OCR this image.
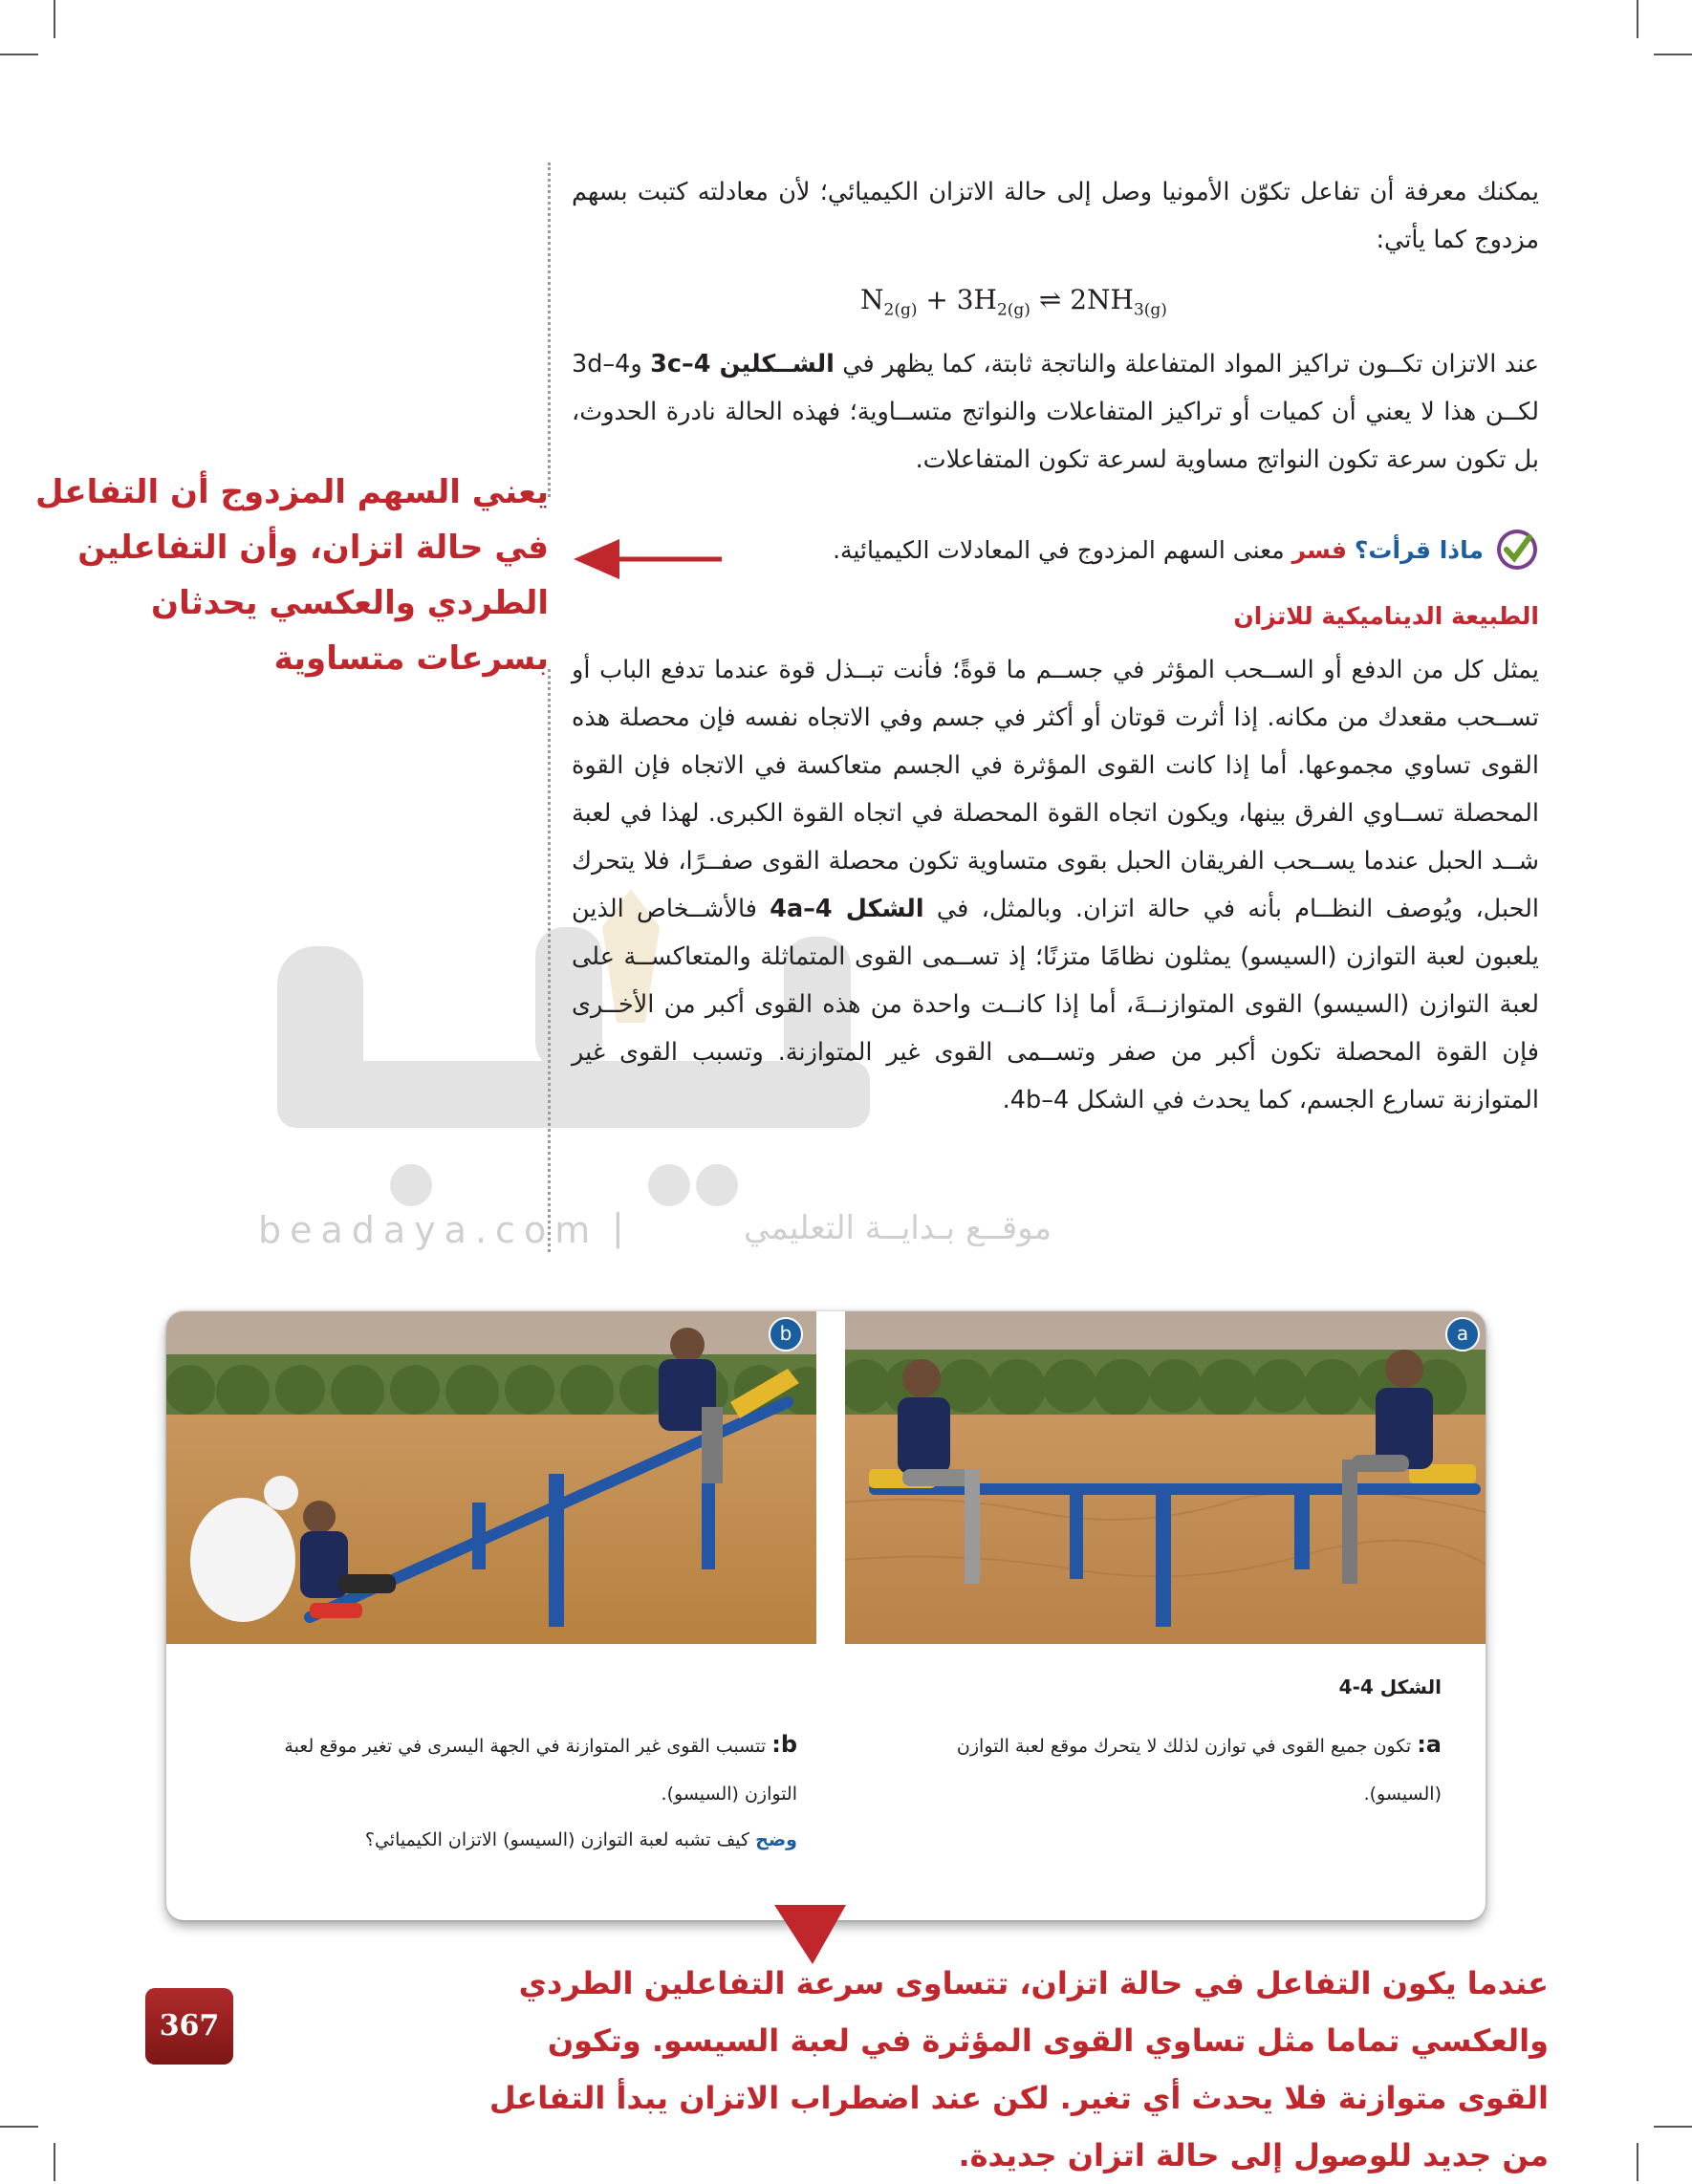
يمكنك معرفة أن تفاعل تكوّن الأمونيا وصل إلى حالة الاتزان الكيميائي؛ لأن معادلته كتبت بسهم مزدوج كما يأتي:

$N_{2(g)} + 3H_{2(g)}$ ⇌ $2NH_{3(g)}$

عند الاتزان تكــون تراكيز المواد المتفاعلة والناتجة ثابتة، كما يظهر في الشــكلين 3c–4 و3d–4 لكــن هذا لا يعني أن كميات أو تراكيز المتفاعلات والنواتج متســاوية؛ فهذه الحالة نادرة الحدوث، بل تكون سرعة تكون النواتج مساوية لسرعة تكون المتفاعلات.

ماذا قرأت؟ فسر معنى السهم المزدوج في المعادلات الكيميائية.
الطبيعة الديناميكية للاتزان

يمثل كل من الدفع أو الســحب المؤثر في جســم ما قوةً؛ فأنت تبــذل قوة عندما تدفع الباب أو تســحب مقعدك من مكانه. إذا أثرت قوتان أو أكثر في جسم وفي الاتجاه نفسه فإن محصلة هذه القوى تساوي مجموعها. أما إذا كانت القوى المؤثرة في الجسم متعاكسة في الاتجاه فإن القوة المحصلة تســاوي الفرق بينها، ويكون اتجاه القوة المحصلة في اتجاه القوة الكبرى. لهذا في لعبة شــد الحبل عندما يســحب الفريقان الحبل بقوى متساوية تكون محصلة القوى صفــرًا، فلا يتحرك الحبل، ويُوصف النظــام بأنه في حالة اتزان. وبالمثل، في الشكل 4a–4 فالأشــخاص الذين يلعبون لعبة التوازن (السيسو) يمثلون نظامًا متزنًا؛ إذ تســمى القوى المتماثلة والمتعاكســة على لعبة التوازن (السيسو) القوى المتوازنــةَ، أما إذا كانــت واحدة من هذه القوى أكبر من الأخــرى فإن القوة المحصلة تكون أكبر من صفر وتســمى القوى غير المتوازنة. وتسبب القوى غير المتوازنة تسارع الجسم، كما يحدث في الشكل 4b–4.

يعني السهم المزدوج أن التفاعل في حالة اتزان، وأن التفاعلين الطردي والعكسي يحدثان بسرعات متساوية
beadaya.com |	موقــع بـدايــة التعليمي
a
b
الشكل 4-4
a: تكون جميع القوى في توازن لذلك لا يتحرك موقع لعبة التوازن (السيسو).
b: تتسبب القوى غير المتوازنة في الجهة اليسرى في تغير موقع لعبة التوازن (السيسو).
وضح كيف تشبه لعبة التوازن (السيسو) الاتزان الكيميائي؟
367
عندما يكون التفاعل في حالة اتزان، تتساوى سرعة التفاعلين الطردي والعكسي تماما مثل تساوي القوى المؤثرة في لعبة السيسو. وتكون القوى متوازنة فلا يحدث أي تغير. لكن عند اضطراب الاتزان يبدأ التفاعل من جديد للوصول إلى حالة اتزان جديدة.
